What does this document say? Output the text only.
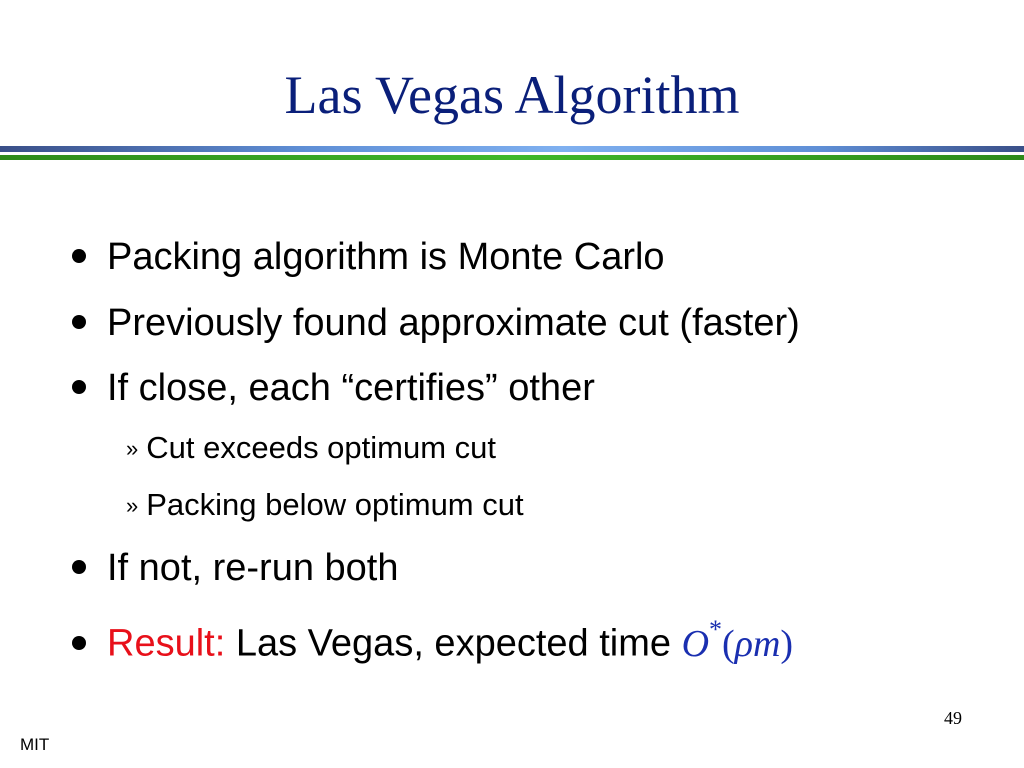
Las Vegas Algorithm
Packing algorithm is Monte Carlo
Previously found approximate cut (faster)
If close, each “certifies” other
» Cut exceeds optimum cut
» Packing below optimum cut
If not, re-run both
Result: Las Vegas, expected time O*(ρm)
49
MIT
